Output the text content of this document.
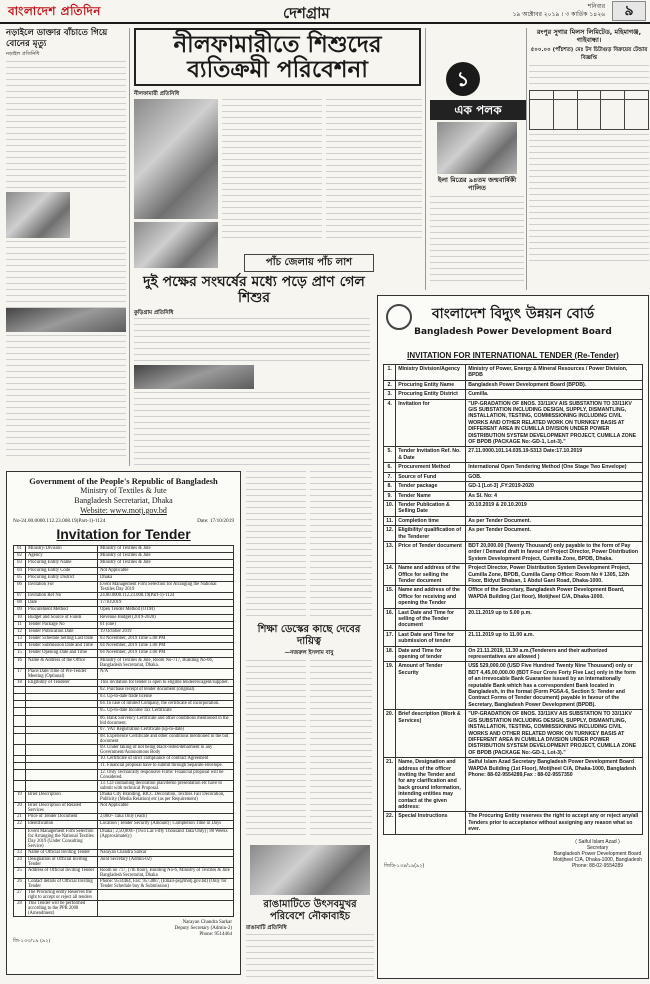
বাংলাদেশ প্রতিদিন	দেশগ্রাম	শনিবার
১৯ অক্টোবর ২০১৯ । ৩ কার্তিক ১৪২৬	৯
নড়াইলে ডাক্তার বাঁচাতে গিয়ে বোনের মৃত্যু
নড়াইল প্রতিনিধি	নীলফামারীতে শিশুদের ব্যতিক্রমী পরিবেশনা
নীলফামারী প্রতিনিধি
১
এক পলক
ইলা মিত্রের ৯৪তম জন্মবার্ষিকী পালিত
রংপুর সুগার মিলস লিমিটেড, মহিমাগঞ্জ, গাইবান্ধা।
৫০০.০০ (পাঁচশত) মেঃ টন চিটাগুড় বিক্রয়ের টেন্ডার বিজ্ঞপ্তি

দুই পক্ষের সংঘর্ষের মধ্যে পড়ে প্রাণ গেল শিশুর
কুড়িগ্রাম প্রতিনিধি
পাঁচ জেলায় পাঁচ লাশ
শিক্ষা ডেস্কের কাছে দেবের দায়িত্ব
—নজরুল ইসলাম বাবু
রাঙামাটিতে উৎসবমুখর পরিবেশে নৌকাবাইচ
রাঙামাটি প্রতিনিধি
Government of the People's Republic of Bangladesh
Ministry of Textiles & Jute
Bangladesh Secretariat, Dhaka
Website: www.motj.gov.bd
No-24.00.0000.112.23.008.19(Part-1)-1124	Date: 17/10/2019
Invitation for Tender
01	Ministry/Division	Ministry of Textiles & Jute
02	Agency	Ministry of Textiles & Jute
03	Procuring Entity Name	Ministry of Textiles & Jute
04	Procuring Entity Code	Not Applicable
05	Procuring Entity District	Dhaka
06	Invitation For	Event Management Firm Selection for Arranging the National Textiles Day 2019
07	Invitation Ref No	24.00.0000.112.23.008.19(Part-1)-1124
08	Date	17/10/2019
09	Procurement Method	Open Tender Method (OTM)
10	Budget and Source of Funds	Revenue Budget (2019-2020)
11	Tender Package No	01 (one)
12	Tender Publication Date	19 October 2019
13	Tender Schedule Selling Last Date	03 November, 2019 Time 5.00 PM
14	Tender Submission Date and Time	04 November, 2019 Time 1.00 PM
15	Tender Opening Date and Time	04 November, 2019 Time 3.00 PM
16	Name & Address of the Office	Ministry of Textiles & Jute, Room No-717, Building No-06, Bangladesh Secretariat, Dhaka.
17	Place/Date/Time of Pre-Tender Meeting (Optional)	N/A
18	Eligibility of Tenderer	This invitation for tender is open to eligible tenderers/agent/supplier.
		02. Purchase receipt of tender document (original).
		03. Up-to-date trade license
		04. In case of limited Company, the certificate of incorporation.
		05. Up-to-date Income Tax Certificate
		06. Bank Solvency Certificate and other conditions mentioned in the bid document.
		07. VAT Registration Certificate (up-to-date)
		08. Experience Certificate and other conditions mentioned in the bid document
		09. Under taking of not being black-listed/debarment in any Government/Autonomous Body
		10. Certificate of strict compliance of contract Agreement
		11. Financial proposal have to submit through Separate envelope.
		12. Only Technically responsive Firms' Financial proposal will be Considered.
		13. CD containing decoration plan/demo presentation etc have to submit with technical Proposal.
19	Brief Description	Dhaka City Branding, BICC Decoration, Textiles Fair Decoration, Publicity (Media Relation) etc (as per Requirement)
20	Brief Description of Related Services	Not Applicable
21	Price of Tender Document	2,000/- Taka Only (each)
22	Identification	Location | Tender Security (Amount) | Completion Time in Days
	Event Management Firm Selection for Arranging the National Textiles Day 2019 (Under Consulting Service)	Dhaka | 2,50,000/- (Two Lac Fifty Thousand Taka Only) | 80 Weeks (Approximately)
23	Name of Official Inviting Tender	Narayan Chandra Sarkar
24	Designation of Official Inviting Tender	Joint Secretary (Admin-02)
25	Address of Official Inviting Tender	Room no 717, (7th floor), Building No-6, Ministry of Textiles & Jute Bangladesh Secretariat, Dhaka
26	Contact details of Official Inviting Tender	Phone: 9514464, Fax: 9573887, (Email-ps@motj.gov.bd) (Only for Tender Schedule buy & Submission)
27	The Procuring entity Reserves the right to accept or reject all tenders	
28	This Tender will be performed according to the PPR 2008 (Amendment)	
Narayan Chandra Sarkar
Deputy Secretary (Admin-2)
Phone: 9514464
জি-১৩৩/১৯ (৯২)
বাংলাদেশ বিদ্যুৎ উন্নয়ন বোর্ড
Bangladesh Power Development Board
INVITATION FOR INTERNATIONAL TENDER (Re-Tender)
1.	Ministry Division/Agency	Ministry of Power, Energy & Mineral Resources / Power Division, BPDB
2.	Procuring Entity Name	Bangladesh Power Development Board (BPDB).
3.	Procuring Entity District	Cumilla.
4.	Invitation for	"UP-GRADATION OF 8NOS. 33/11KV AIS SUBSTATION TO 33/11KV GIS SUBSTATION INCLUDING DESIGN, SUPPLY, DISMANTLING, INSTALLATION, TESTING, COMMISSIONING INCLUDING CIVIL WORKS AND OTHER RELATED WORK ON TURNKEY BASIS AT DIFFERENT AREA IN CUMILLA DIVISION UNDER POWER DISTRIBUTION SYSTEM DEVELOPMENT PROJECT, CUMILLA ZONE OF BPDB (PACKAGE No:-GD-1, Lot-3)."
5.	Tender Invitation Ref. No. & Date	27.11.0000.101.14.035.19-5313 Date:17.10.2019
6.	Procurement Method	International Open Tendering Method (One Stage Two Envelope)
7.	Source of Fund	GOB.
8.	Tender package	GD-1 [Lot-3] ,FY:2019-2020
9.	Tender Name	As Sl. No: 4
10.	Tender Publication & Selling Date	20.10.2019 & 20.10.2019
11.	Completion time	As per Tender Document.
12.	Eligibility/ qualification of the Tenderer	As per Tender Document.
13.	Price of Tender document	BDT 20,000.00 (Twenty Thousand) only payable to the form of Pay order / Demand draft in favour of Project Director, Power Distribution System Development Project, Cumilla Zone, BPDB, Dhaka.
14.	Name and address of the Office for selling the Tender document	Project Director, Power Distribution System Development Project, Cumilla Zone, BPDB, Cumilla Camp Office: Room No # 1305, 12th Floor, Bidyut Bhaban, 1 Abdul Gani Road, Dhaka-1000.
15.	Name and address of the Office for receiving and opening the Tender	Office of the Secretary, Bangladesh Power Development Board, WAPDA Building (1st floor), Motijheel C/A, Dhaka-1000.
16.	Last Date and Time for selling of the Tender document	20.11.2019 up to 5.00 p.m.
17.	Last Date and Time for submission of tender	21.11.2019 up to 11.00 a.m.
18.	Date and Time for opening of tender	On 21.11.2019, 11.30 a.m.(Tenderers and their authorized representatives are allowed )
19.	Amount of Tender Security	US$ 529,000.00 (USD Five Hundred Twenty Nine Thousand) only or BDT 4,45,00,000.00 (BDT Four Crore Forty Five Lac) only in the form of an irrevocable Bank Guarantee issued by an internationally reputable Bank which has a correspondent Bank located in Bangladesh, in the format (Form PG5A-6, Section 5: Tender and Contract Forms of Tender document) payable in favour of the Secretary, Bangladesh Power Development (BPDB).
20.	Brief description (Work & Services)	"UP-GRADATION OF 8NOS. 33/11KV AIS SUBSTATION TO 33/11KV GIS SUBSTATION INCLUDING DESIGN, SUPPLY, DISMANTLING, INSTALLATION, TESTING, COMMISSIONING INCLUDING CIVIL WORKS AND OTHER RELATED WORK ON TURNKEY BASIS AT DIFFERENT AREA IN CUMILLA DIVISION UNDER POWER DISTRIBUTION SYSTEM DEVELOPMENT PROJECT, CUMILLA ZONE OF BPDB (PACKAGE No:-GD-1, Lot-3)."
21.	Name, Designation and address of the officer inviting the Tender and for any clarification and back ground information, intending entities may contact at the given address:	Saiful Islam Azad Secretary Bangladesh Power Development Board WAPDA Building (1st Floor), Motijheel C/A, Dhaka-1000, Bangladesh Phone: 88-02-9554289,Fax : 88-02-9557350
22.	Special Instructions	The Procuring Entity reserves the right to accept any or reject any/all Tenders prior to acceptance without assigning any reason what so ever.
জিডি-১৩৪/১৯(৯২)
( Saiful Islam Azad )
Secretary
Bangladesh Power Development Board
Motijheel C/A, Dhaka-1000, Bangladesh
Phone: 88-02-9554289
